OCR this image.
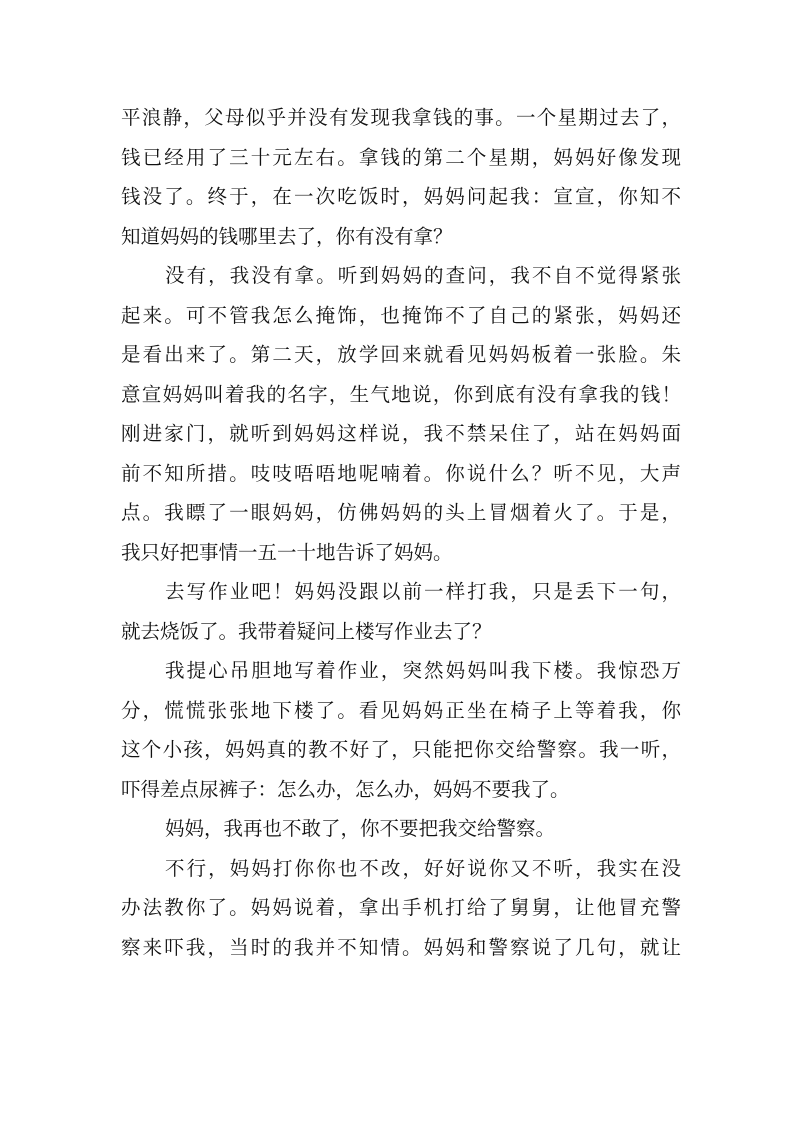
平浪静，父母似乎并没有发现我拿钱的事。一个星期过去了，
钱已经用了三十元左右。拿钱的第二个星期，妈妈好像发现
钱没了。终于，在一次吃饭时，妈妈问起我：宣宣，你知不
知道妈妈的钱哪里去了，你有没有拿？
没有，我没有拿。听到妈妈的查问，我不自不觉得紧张
起来。可不管我怎么掩饰，也掩饰不了自己的紧张，妈妈还
是看出来了。第二天，放学回来就看见妈妈板着一张脸。朱
意宣妈妈叫着我的名字，生气地说，你到底有没有拿我的钱！
刚进家门，就听到妈妈这样说，我不禁呆住了，站在妈妈面
前不知所措。吱吱唔唔地呢喃着。你说什么？听不见，大声
点。我瞟了一眼妈妈，仿佛妈妈的头上冒烟着火了。于是，
我只好把事情一五一十地告诉了妈妈。
去写作业吧！妈妈没跟以前一样打我，只是丢下一句，
就去烧饭了。我带着疑问上楼写作业去了？
我提心吊胆地写着作业，突然妈妈叫我下楼。我惊恐万
分，慌慌张张地下楼了。看见妈妈正坐在椅子上等着我，你
这个小孩，妈妈真的教不好了，只能把你交给警察。我一听，
吓得差点尿裤子：怎么办，怎么办，妈妈不要我了。
妈妈，我再也不敢了，你不要把我交给警察。
不行，妈妈打你你也不改，好好说你又不听，我实在没
办法教你了。妈妈说着，拿出手机打给了舅舅，让他冒充警
察来吓我，当时的我并不知情。妈妈和警察说了几句，就让
